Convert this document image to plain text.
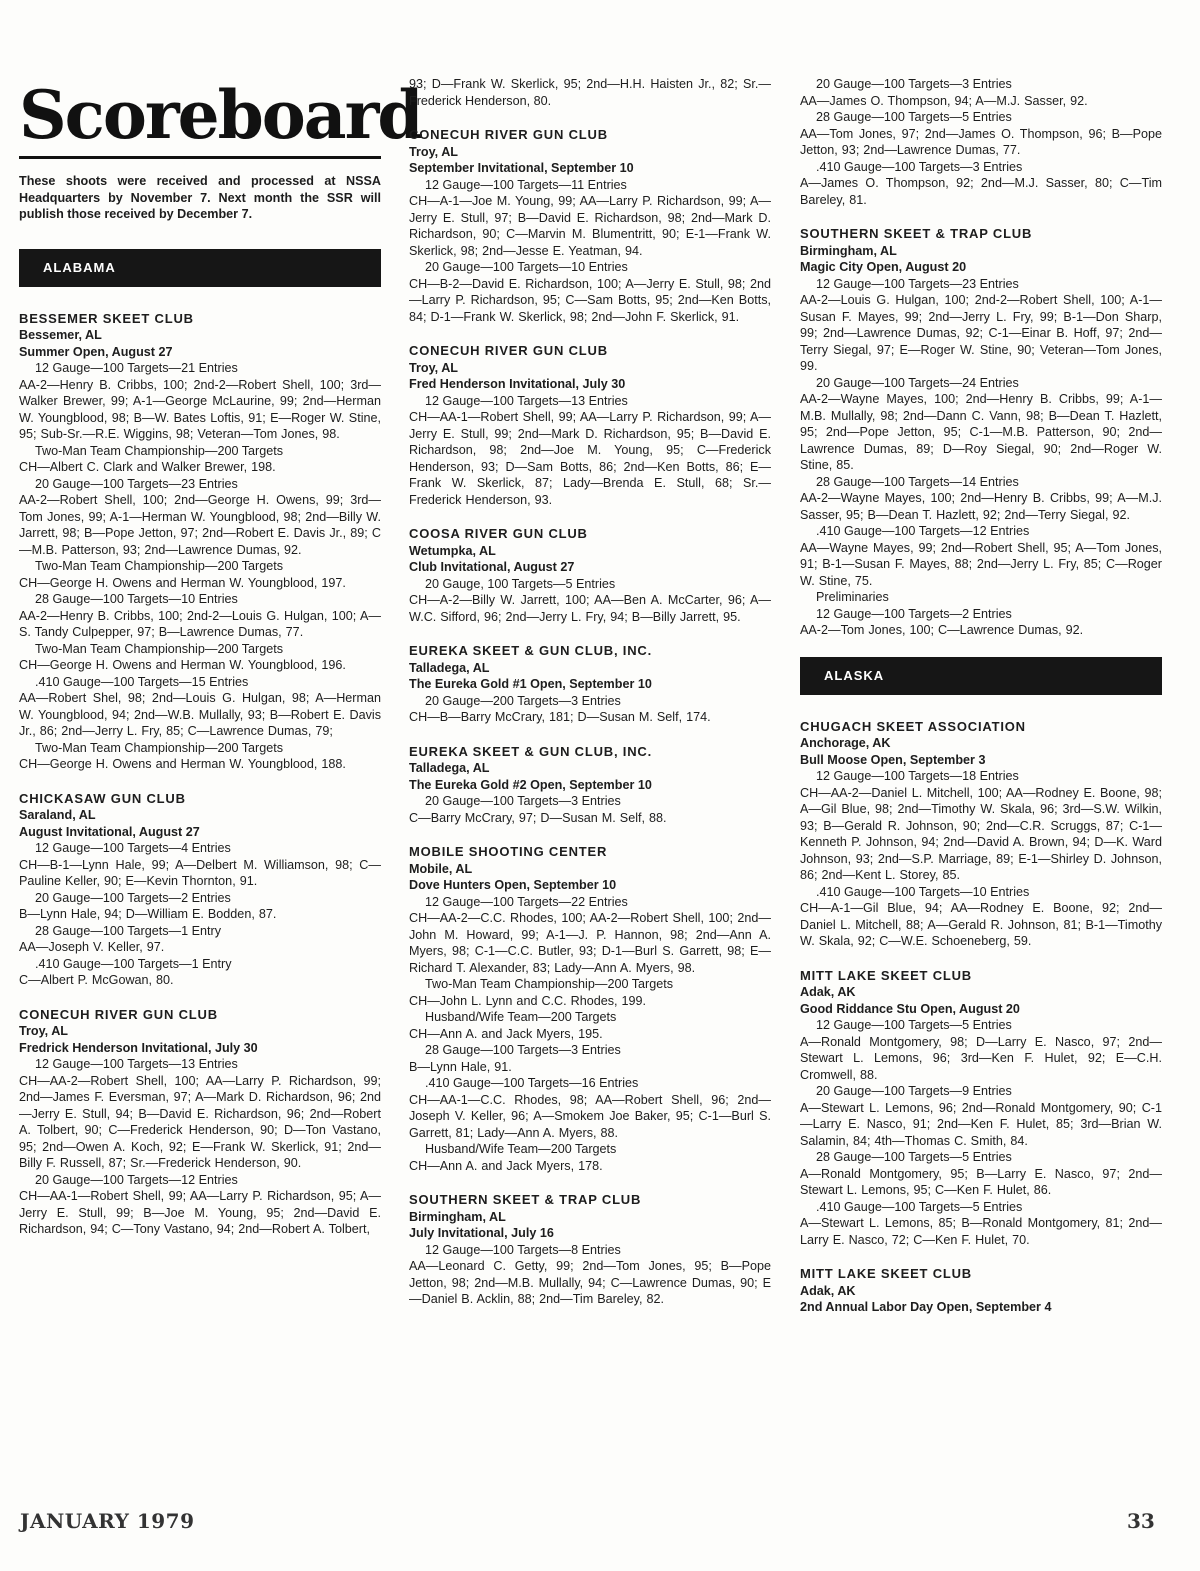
Scoreboard
These shoots were received and processed at NSSA Headquarters by November 7. Next month the SSR will publish those received by December 7.
ALABAMA
BESSEMER SKEET CLUB
Bessemer, AL
Summer Open, August 27
12 Gauge—100 Targets—21 Entries
AA-2—Henry B. Cribbs, 100; 2nd-2—Robert Shell, 100; 3rd—Walker Brewer, 99; A-1—George McLaurine, 99; 2nd—Herman W. Youngblood, 98; B—W. Bates Loftis, 91; E—Roger W. Stine, 95; Sub-Sr.—R.E. Wiggins, 98; Veteran—Tom Jones, 98.
Two-Man Team Championship—200 Targets
CH—Albert C. Clark and Walker Brewer, 198.
20 Gauge—100 Targets—23 Entries
AA-2—Robert Shell, 100; 2nd—George H. Owens, 99; 3rd—Tom Jones, 99; A-1—Herman W. Youngblood, 98; 2nd—Billy W. Jarrett, 98; B—Pope Jetton, 97; 2nd—Robert E. Davis Jr., 89; C—M.B. Patterson, 93; 2nd—Lawrence Dumas, 92.
Two-Man Team Championship—200 Targets
CH—George H. Owens and Herman W. Youngblood, 197.
28 Gauge—100 Targets—10 Entries
AA-2—Henry B. Cribbs, 100; 2nd-2—Louis G. Hulgan, 100; A—S. Tandy Culpepper, 97; B—Lawrence Dumas, 77.
Two-Man Team Championship—200 Targets
CH—George H. Owens and Herman W. Youngblood, 196.
.410 Gauge—100 Targets—15 Entries
AA—Robert Shel, 98; 2nd—Louis G. Hulgan, 98; A—Herman W. Youngblood, 94; 2nd—W.B. Mullally, 93; B—Robert E. Davis Jr., 86; 2nd—Jerry L. Fry, 85; C—Lawrence Dumas, 79;
Two-Man Team Championship—200 Targets
CH—George H. Owens and Herman W. Youngblood, 188.
CHICKASAW GUN CLUB
Saraland, AL
August Invitational, August 27
12 Gauge—100 Targets—4 Entries
CH—B-1—Lynn Hale, 99; A—Delbert M. Williamson, 98; C—Pauline Keller, 90; E—Kevin Thornton, 91.
20 Gauge—100 Targets—2 Entries
B—Lynn Hale, 94; D—William E. Bodden, 87.
28 Gauge—100 Targets—1 Entry
AA—Joseph V. Keller, 97.
.410 Gauge—100 Targets—1 Entry
C—Albert P. McGowan, 80.
CONECUH RIVER GUN CLUB
Troy, AL
Fredrick Henderson Invitational, July 30
12 Gauge—100 Targets—13 Entries
CH—AA-2—Robert Shell, 100; AA—Larry P. Richardson, 99; 2nd—James F. Eversman, 97; A—Mark D. Richardson, 96; 2nd—Jerry E. Stull, 94; B—David E. Richardson, 96; 2nd—Robert A. Tolbert, 90; C—Frederick Henderson, 90; D—Ton Vastano, 95; 2nd—Owen A. Koch, 92; E—Frank W. Skerlick, 91; 2nd—Billy F. Russell, 87; Sr.—Frederick Henderson, 90.
20 Gauge—100 Targets—12 Entries
CH—AA-1—Robert Shell, 99; AA—Larry P. Richardson, 95; A—Jerry E. Stull, 99; B—Joe M. Young, 95; 2nd—David E. Richardson, 94; C—Tony Vastano, 94; 2nd—Robert A. Tolbert,
93; D—Frank W. Skerlick, 95; 2nd—H.H. Haisten Jr., 82; Sr.—Frederick Henderson, 80.
CONECUH RIVER GUN CLUB
Troy, AL
September Invitational, September 10
12 Gauge—100 Targets—11 Entries
CH—A-1—Joe M. Young, 99; AA—Larry P. Richardson, 99; A—Jerry E. Stull, 97; B—David E. Richardson, 98; 2nd—Mark D. Richardson, 90; C—Marvin M. Blumentritt, 90; E-1—Frank W. Skerlick, 98; 2nd—Jesse E. Yeatman, 94.
20 Gauge—100 Targets—10 Entries
CH—B-2—David E. Richardson, 100; A—Jerry E. Stull, 98; 2nd—Larry P. Richardson, 95; C—Sam Botts, 95; 2nd—Ken Botts, 84; D-1—Frank W. Skerlick, 98; 2nd—John F. Skerlick, 91.
CONECUH RIVER GUN CLUB
Troy, AL
Fred Henderson Invitational, July 30
12 Gauge—100 Targets—13 Entries
CH—AA-1—Robert Shell, 99; AA—Larry P. Richardson, 99; A—Jerry E. Stull, 99; 2nd—Mark D. Richardson, 95; B—David E. Richardson, 98; 2nd—Joe M. Young, 95; C—Frederick Henderson, 93; D—Sam Botts, 86; 2nd—Ken Botts, 86; E—Frank W. Skerlick, 87; Lady—Brenda E. Stull, 68; Sr.—Frederick Henderson, 93.
COOSA RIVER GUN CLUB
Wetumpka, AL
Club Invitational, August 27
20 Gauge, 100 Targets—5 Entries
CH—A-2—Billy W. Jarrett, 100; AA—Ben A. McCarter, 96; A—W.C. Sifford, 96; 2nd—Jerry L. Fry, 94; B—Billy Jarrett, 95.
EUREKA SKEET & GUN CLUB, INC.
Talladega, AL
The Eureka Gold #1 Open, September 10
20 Gauge—200 Targets—3 Entries
CH—B—Barry McCrary, 181; D—Susan M. Self, 174.
EUREKA SKEET & GUN CLUB, INC.
Talladega, AL
The Eureka Gold #2 Open, September 10
20 Gauge—100 Targets—3 Entries
C—Barry McCrary, 97; D—Susan M. Self, 88.
MOBILE SHOOTING CENTER
Mobile, AL
Dove Hunters Open, September 10
12 Gauge—100 Targets—22 Entries
CH—AA-2—C.C. Rhodes, 100; AA-2—Robert Shell, 100; 2nd—John M. Howard, 99; A-1—J. P. Hannon, 98; 2nd—Ann A. Myers, 98; C-1—C.C. Butler, 93; D-1—Burl S. Garrett, 98; E—Richard T. Alexander, 83; Lady—Ann A. Myers, 98.
Two-Man Team Championship—200 Targets
CH—John L. Lynn and C.C. Rhodes, 199.
Husband/Wife Team—200 Targets
CH—Ann A. and Jack Myers, 195.
28 Gauge—100 Targets—3 Entries
B—Lynn Hale, 91.
.410 Gauge—100 Targets—16 Entries
CH—AA-1—C.C. Rhodes, 98; AA—Robert Shell, 96; 2nd—Joseph V. Keller, 96; A—Smokem Joe Baker, 95; C-1—Burl S. Garrett, 81; Lady—Ann A. Myers, 88.
Husband/Wife Team—200 Targets
CH—Ann A. and Jack Myers, 178.
SOUTHERN SKEET & TRAP CLUB
Birmingham, AL
July Invitational, July 16
12 Gauge—100 Targets—8 Entries
AA—Leonard C. Getty, 99; 2nd—Tom Jones, 95; B—Pope Jetton, 98; 2nd—M.B. Mullally, 94; C—Lawrence Dumas, 90; E—Daniel B. Acklin, 88; 2nd—Tim Bareley, 82.
20 Gauge—100 Targets—3 Entries
AA—James O. Thompson, 94; A—M.J. Sasser, 92.
28 Gauge—100 Targets—5 Entries
AA—Tom Jones, 97; 2nd—James O. Thompson, 96; B—Pope Jetton, 93; 2nd—Lawrence Dumas, 77.
.410 Gauge—100 Targets—3 Entries
A—James O. Thompson, 92; 2nd—M.J. Sasser, 80; C—Tim Bareley, 81.
SOUTHERN SKEET & TRAP CLUB
Birmingham, AL
Magic City Open, August 20
12 Gauge—100 Targets—23 Entries
AA-2—Louis G. Hulgan, 100; 2nd-2—Robert Shell, 100; A-1—Susan F. Mayes, 99; 2nd—Jerry L. Fry, 99; B-1—Don Sharp, 99; 2nd—Lawrence Dumas, 92; C-1—Einar B. Hoff, 97; 2nd—Terry Siegal, 97; E—Roger W. Stine, 90; Veteran—Tom Jones, 99.
20 Gauge—100 Targets—24 Entries
AA-2—Wayne Mayes, 100; 2nd—Henry B. Cribbs, 99; A-1—M.B. Mullally, 98; 2nd—Dann C. Vann, 98; B—Dean T. Hazlett, 95; 2nd—Pope Jetton, 95; C-1—M.B. Patterson, 90; 2nd—Lawrence Dumas, 89; D—Roy Siegal, 90; 2nd—Roger W. Stine, 85.
28 Gauge—100 Targets—14 Entries
AA-2—Wayne Mayes, 100; 2nd—Henry B. Cribbs, 99; A—M.J. Sasser, 95; B—Dean T. Hazlett, 92; 2nd—Terry Siegal, 92.
.410 Gauge—100 Targets—12 Entries
AA—Wayne Mayes, 99; 2nd—Robert Shell, 95; A—Tom Jones, 91; B-1—Susan F. Mayes, 88; 2nd—Jerry L. Fry, 85; C—Roger W. Stine, 75.
Preliminaries
12 Gauge—100 Targets—2 Entries
AA-2—Tom Jones, 100; C—Lawrence Dumas, 92.
ALASKA
CHUGACH SKEET ASSOCIATION
Anchorage, AK
Bull Moose Open, September 3
12 Gauge—100 Targets—18 Entries
CH—AA-2—Daniel L. Mitchell, 100; AA—Rodney E. Boone, 98; A—Gil Blue, 98; 2nd—Timothy W. Skala, 96; 3rd—S.W. Wilkin, 93; B—Gerald R. Johnson, 90; 2nd—C.R. Scruggs, 87; C-1—Kenneth P. Johnson, 94; 2nd—David A. Brown, 94; D—K. Ward Johnson, 93; 2nd—S.P. Marriage, 89; E-1—Shirley D. Johnson, 86; 2nd—Kent L. Storey, 85.
.410 Gauge—100 Targets—10 Entries
CH—A-1—Gil Blue, 94; AA—Rodney E. Boone, 92; 2nd—Daniel L. Mitchell, 88; A—Gerald R. Johnson, 81; B-1—Timothy W. Skala, 92; C—W.E. Schoeneberg, 59.
MITT LAKE SKEET CLUB
Adak, AK
Good Riddance Stu Open, August 20
12 Gauge—100 Targets—5 Entries
A—Ronald Montgomery, 98; D—Larry E. Nasco, 97; 2nd—Stewart L. Lemons, 96; 3rd—Ken F. Hulet, 92; E—C.H. Cromwell, 88.
20 Gauge—100 Targets—9 Entries
A—Stewart L. Lemons, 96; 2nd—Ronald Montgomery, 90; C-1—Larry E. Nasco, 91; 2nd—Ken F. Hulet, 85; 3rd—Brian W. Salamin, 84; 4th—Thomas C. Smith, 84.
28 Gauge—100 Targets—5 Entries
A—Ronald Montgomery, 95; B—Larry E. Nasco, 97; 2nd—Stewart L. Lemons, 95; C—Ken F. Hulet, 86.
.410 Gauge—100 Targets—5 Entries
A—Stewart L. Lemons, 85; B—Ronald Montgomery, 81; 2nd—Larry E. Nasco, 72; C—Ken F. Hulet, 70.
MITT LAKE SKEET CLUB
Adak, AK
2nd Annual Labor Day Open, September 4
JANUARY 1979	33
